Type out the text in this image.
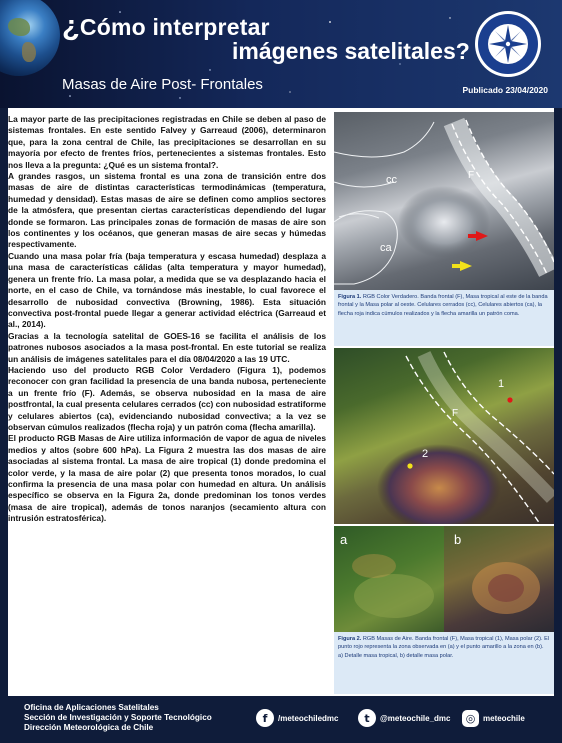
¿Cómo interpretar
imágenes satelitales?
Masas de Aire Post- Frontales	Publicado 23/04/2020

La mayor parte de las precipitaciones registradas en Chile se deben al paso de sistemas frontales. En este sentido Falvey y Garreaud (2006), determinaron que, para la zona central de Chile, las precipitaciones se desarrollan en su mayoría por efecto de frentes fríos, pertenecientes a sistemas frontales. Esto nos lleva a la pregunta: ¿Qué es un sistema frontal?.

A grandes rasgos, un sistema frontal es una zona de transición entre dos masas de aire de distintas características termodinámicas (temperatura, humedad y densidad). Estas masas de aire se definen como amplios sectores de la atmósfera, que presentan ciertas características dependiendo del lugar donde se formaron. Las principales zonas de formación de masas de aire son los continentes y los océanos, que generan masas de aire secas y húmedas respectivamente.

Cuando una masa polar fría (baja temperatura y escasa humedad) desplaza a una masa de características cálidas (alta temperatura y mayor humedad), genera un frente frío. La masa polar, a medida que se va desplazando hacia el norte, en el caso de Chile, va tornándose más inestable, lo cual favorece el desarrollo de nubosidad convectiva (Browning, 1986). Esta situación convectiva post-frontal puede llegar a generar actividad eléctrica (Garreaud et al., 2014).

Gracias a la tecnología satelital de GOES-16 se facilita el análisis de los patrones nubosos asociados a la masa post-frontal. En este tutorial se realiza un análisis de imágenes satelitales para el día 08/04/2020 a las 19 UTC.

Haciendo uso del producto RGB Color Verdadero (Figura 1), podemos reconocer con gran facilidad la presencia de una banda nubosa, perteneciente a un frente frío (F). Además, se observa nubosidad en la masa de aire postfrontal, la cual presenta celulares cerrados (cc) con nubosidad estratiforme y celulares abiertos (ca), evidenciando nubosidad convectiva; a la vez se observan cúmulos realizados (flecha roja) y un patrón coma (flecha amarilla).

El producto RGB Masas de Aire utiliza información de vapor de agua de niveles medios y altos (sobre 600 hPa). La Figura 2 muestra las dos masas de aire asociadas al sistema frontal. La masa de aire tropical (1) donde predomina el color verde, y la masa de aire polar (2) que presenta tonos morados, lo cual confirma la presencia de una masa polar con humedad en altura. Un análisis específico se observa en la Figura 2a, donde predominan los tonos verdes (masa de aire tropical), además de tonos naranjos (secamiento altura con intrusión estratosférica).

cc
ca
F
Figura 1. RGB Color Verdadero. Banda frontal (F), Masa tropical al este de la banda frontal y la Masa polar al oeste. Celulares cerrados (cc), Celulares abiertos (ca), la flecha roja indica cúmulos realizados y la flecha amarilla un patrón coma.
1
2
F
a	b
Figura 2. RGB Masas de Aire. Banda frontal (F), Masa tropical (1), Masa polar (2). El punto rojo representa la zona observada en (a) y el punto amarillo a la zona en (b). a) Detalle masa tropical, b) detalle masa polar.
Oficina de Aplicaciones Satelitales
Sección de Investigación y Soporte Tecnológico
Dirección Meteorológica de Chile
f	/meteochiledmc	t	@meteochile_dmc	◎ meteochile
